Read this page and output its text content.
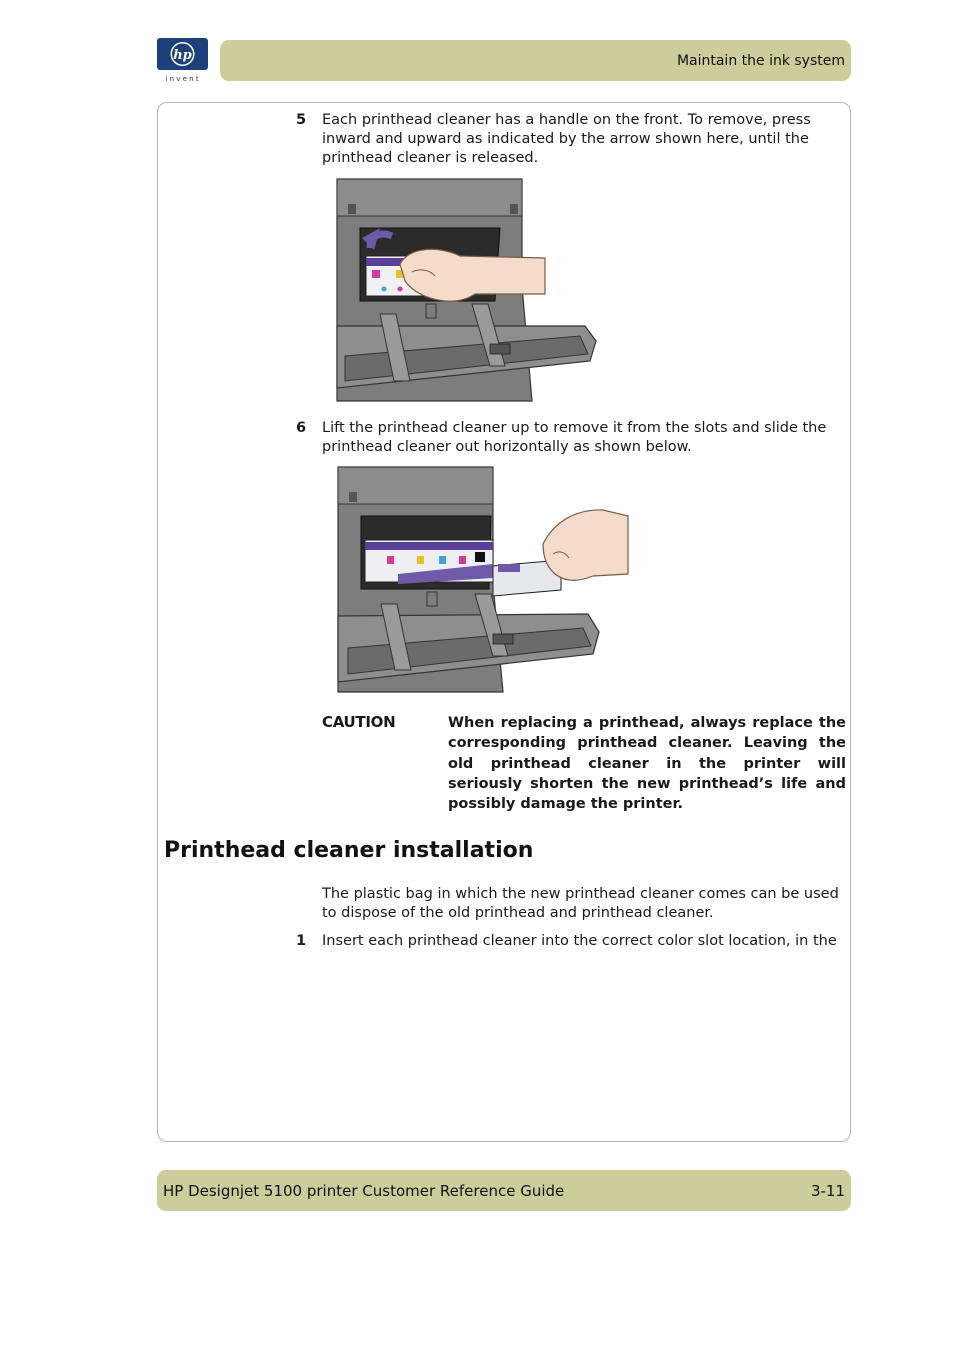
hp
i n v e n t
Maintain the ink system
5 Each printhead cleaner has a handle on the front. To remove, press inward and upward as indicated by the arrow shown here, until the printhead cleaner is released.
6 Lift the printhead cleaner up to remove it from the slots and slide the printhead cleaner out horizontally as shown below.
CAUTION	When replacing a printhead, always replace the corresponding printhead cleaner. Leaving the old printhead cleaner in the printer will seriously shorten the new printhead’s life and possibly damage the printer.
Printhead cleaner installation
The plastic bag in which the new printhead cleaner comes can be used to dispose of the old printhead and printhead cleaner.
1 Insert each printhead cleaner into the correct color slot location, in the
HP Designjet 5100 printer Customer Reference Guide	3-11
